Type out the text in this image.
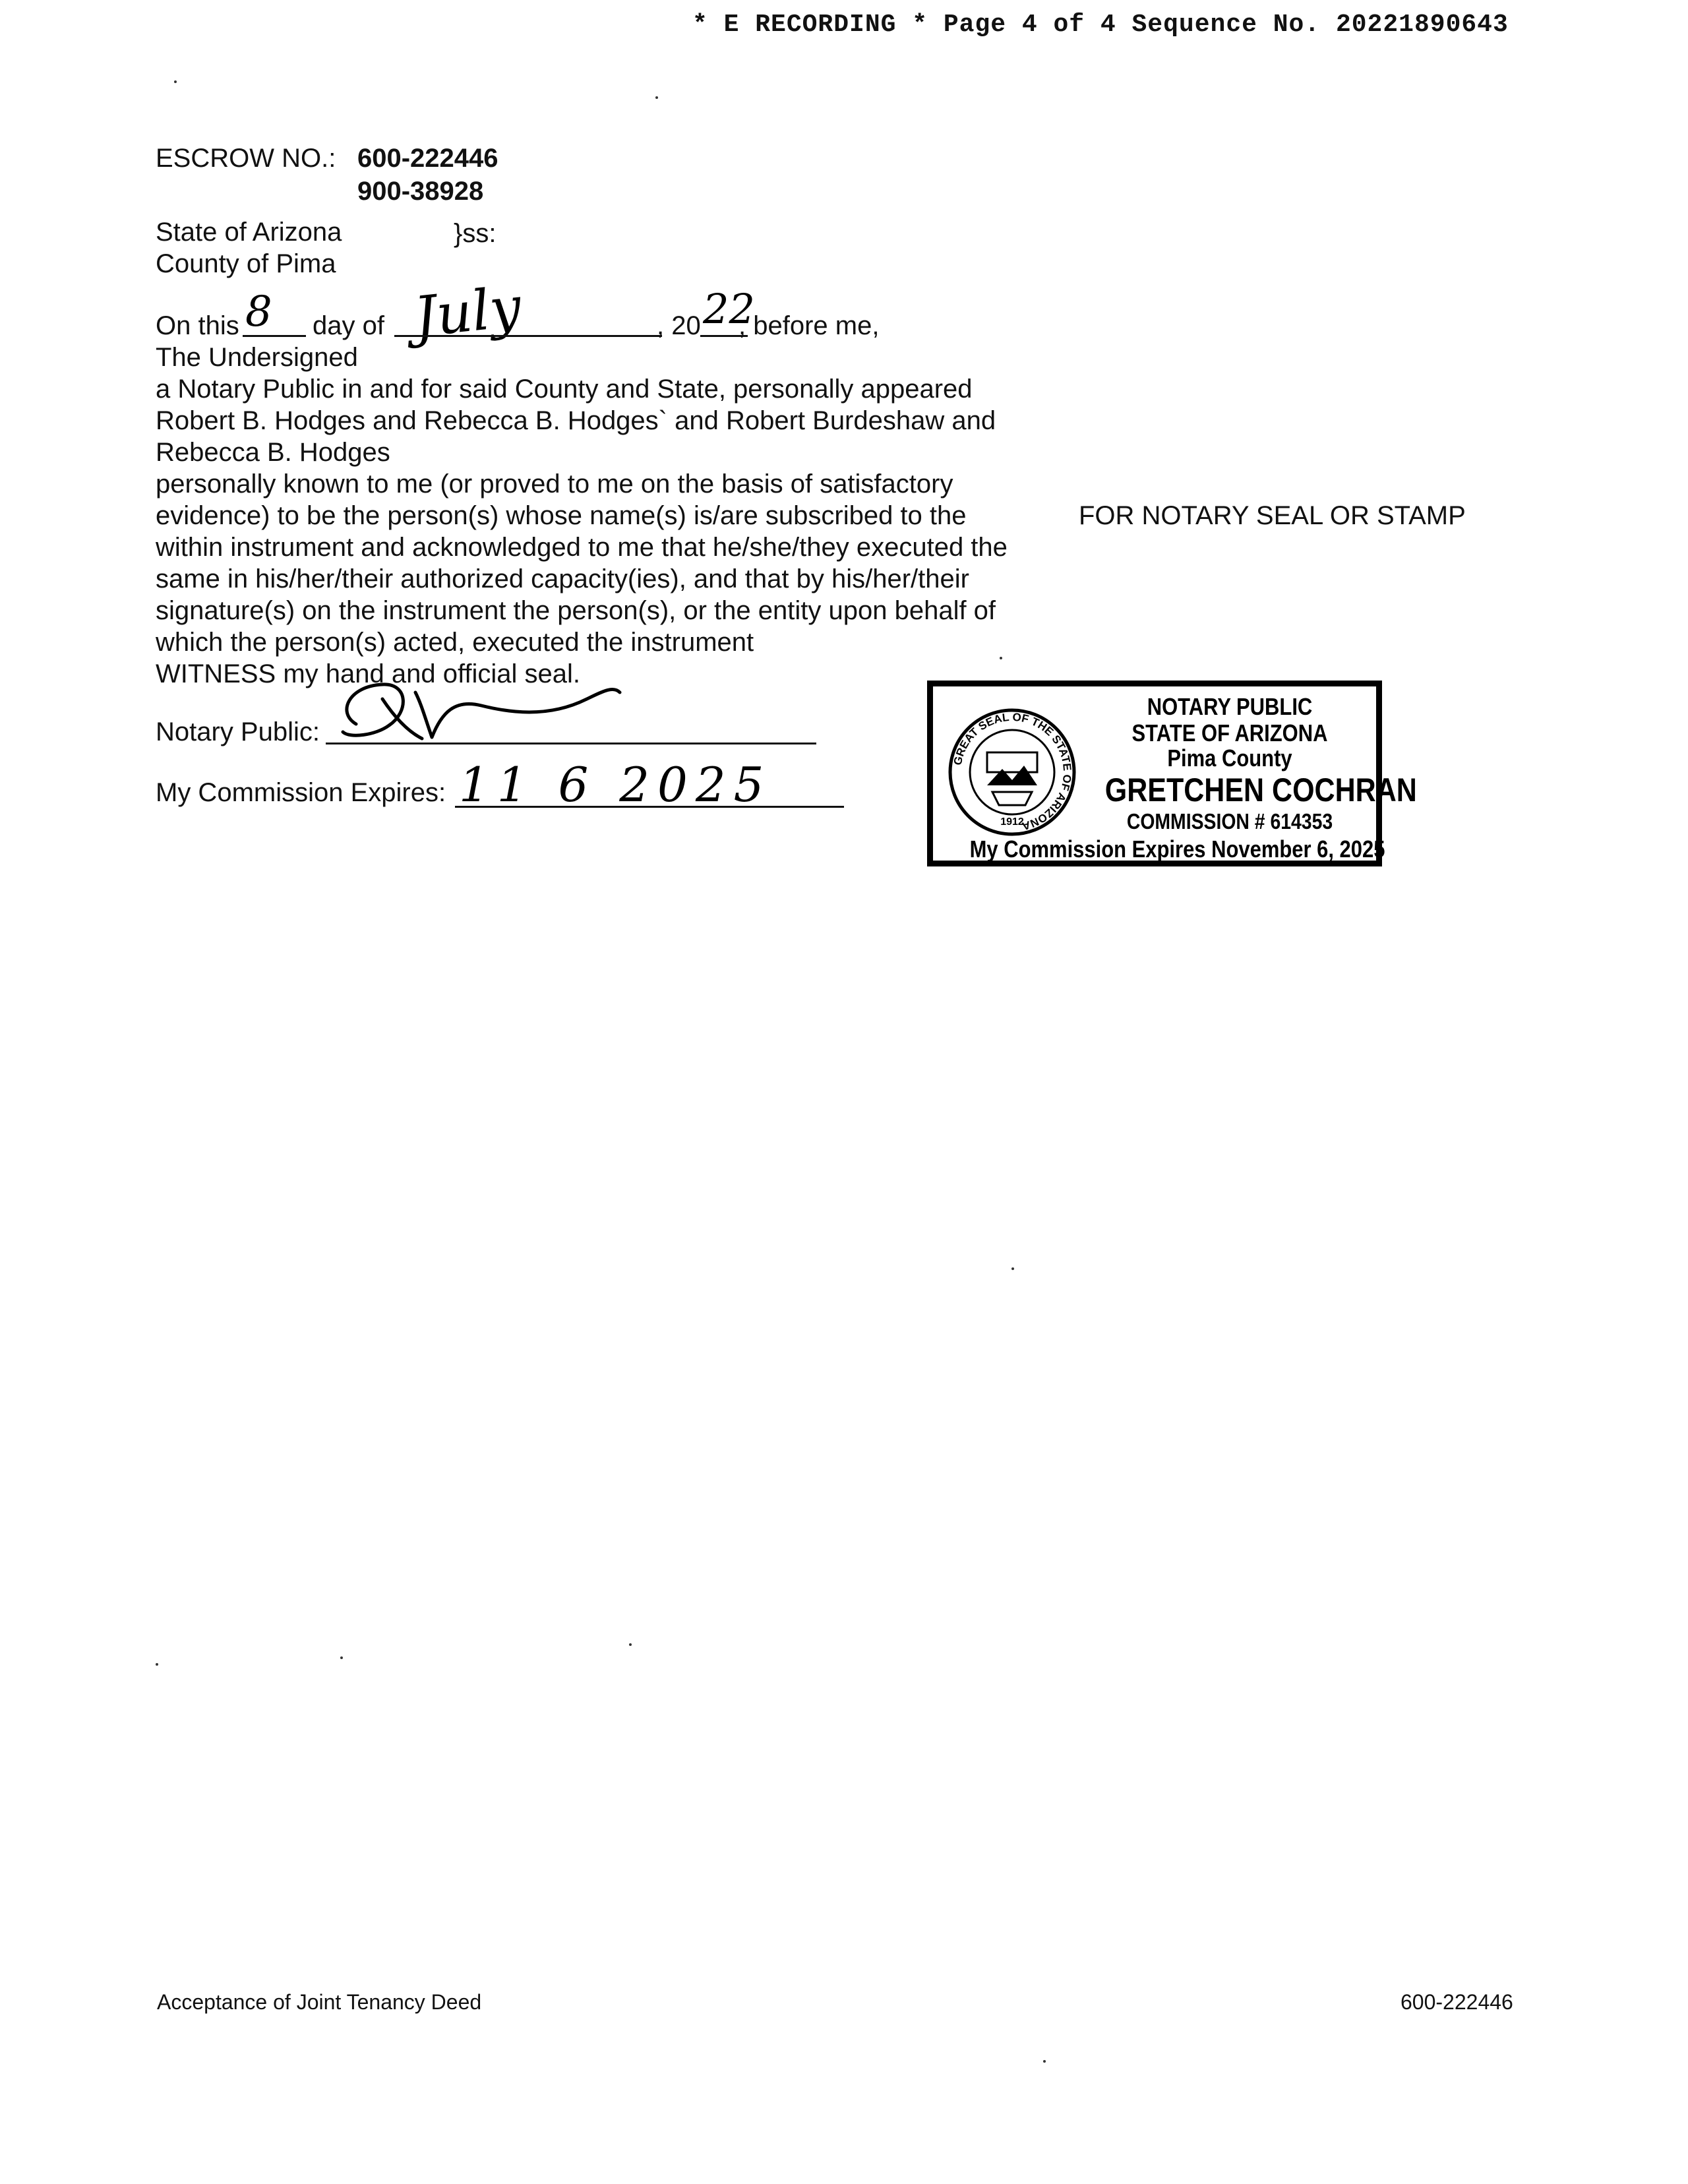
* E RECORDING * Page 4 of 4 Sequence No. 20221890643
ESCROW NO.: 600-222446
900-38928
State of Arizona	}ss:
County of Pima
On this 8 day of July	, 20 22
, before me,
The Undersigned
a Notary Public in and for said County and State, personally appeared
Robert B. Hodges and Rebecca B. Hodges` and Robert Burdeshaw and
Rebecca B. Hodges
personally known to me (or proved to me on the basis of satisfactory
evidence) to be the person(s) whose name(s) is/are subscribed to the
within instrument and acknowledged to me that he/she/they executed the
same in his/her/their authorized capacity(ies), and that by his/her/their
signature(s) on the instrument the person(s), or the entity upon behalf of
which the person(s) acted, executed the instrument
WITNESS my hand and official seal.
FOR NOTARY SEAL OR STAMP
Notary Public:
My Commission Expires: 11 6 2025	GREAT SEAL OF THE STATE OF ARIZONA
1912
NOTARY PUBLIC
STATE OF ARIZONA
Pima County
GRETCHEN COCHRAN
COMMISSION # 614353
My Commission Expires November 6, 2025
Acceptance of Joint Tenancy Deed	600-222446
